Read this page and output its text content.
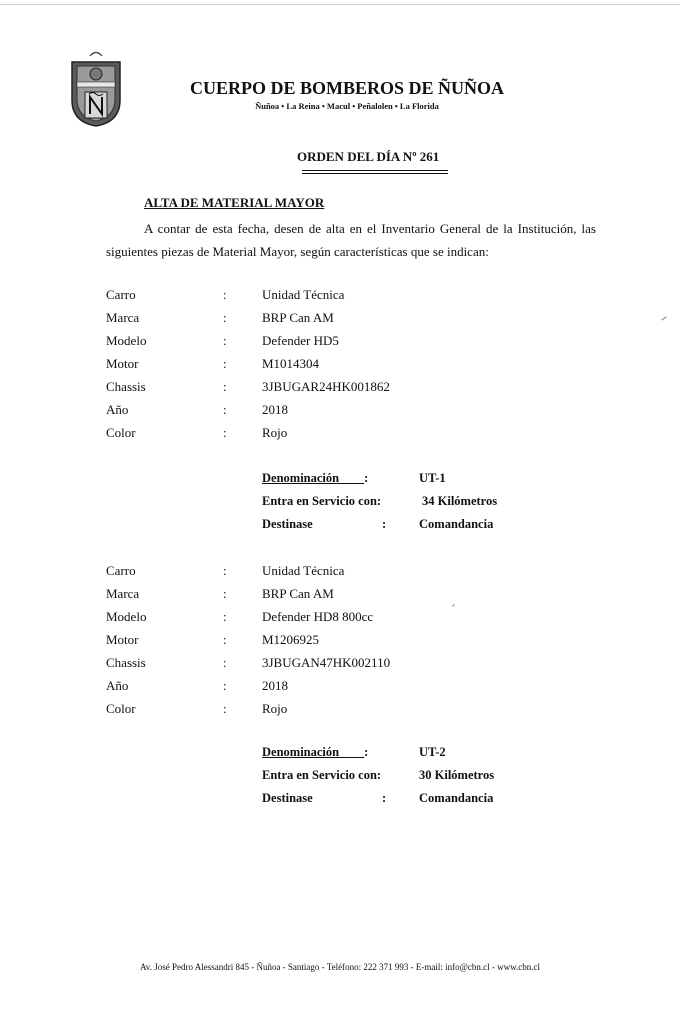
CUERPO DE BOMBEROS DE ÑUÑOA
Ñuñoa • La Reina • Macul • Peñalolen • La Florida
ORDEN DEL DÍA Nº 261
ALTA DE MATERIAL MAYOR
A contar de esta fecha, desen de alta en el Inventario General de la Institución, las siguientes piezas de Material Mayor, según características que se indican:
Carro	:	Unidad Técnica
Marca	:	BRP Can AM
Modelo	:	Defender HD5
Motor	:	M1014304
Chassis	:	3JBUGAR24HK001862
Año	:	2018
Color	:	Rojo
Denominación :	UT-1
Entra en Servicio con:	34 Kilómetros
Destinase	:	Comandancia
Carro	:	Unidad Técnica
Marca	:	BRP Can AM
Modelo	:	Defender HD8 800cc
Motor	:	M1206925
Chassis	:	3JBUGAN47HK002110
Año	:	2018
Color	:	Rojo
Denominación :	UT-2
Entra en Servicio con:	30 Kilómetros
Destinase	:	Comandancia
Av. José Pedro Alessandri 845 - Ñuñoa - Santiago - Teléfono: 222 371 993 - E-mail: info@cbn.cl - www.cbn.cl
